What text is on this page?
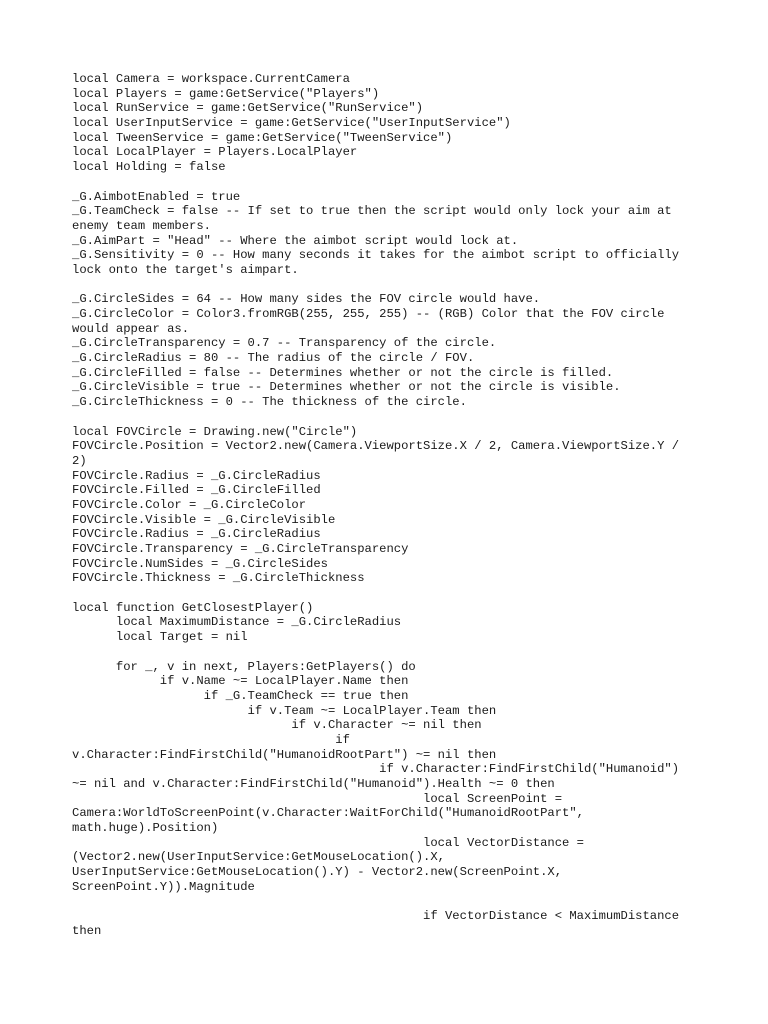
local Camera = workspace.CurrentCamera
local Players = game:GetService("Players")
local RunService = game:GetService("RunService")
local UserInputService = game:GetService("UserInputService")
local TweenService = game:GetService("TweenService")
local LocalPlayer = Players.LocalPlayer
local Holding = false
_G.AimbotEnabled = true
_G.TeamCheck = false -- If set to true then the script would only lock your aim at
enemy team members.
_G.AimPart = "Head" -- Where the aimbot script would lock at.
_G.Sensitivity = 0 -- How many seconds it takes for the aimbot script to officially
lock onto the target's aimpart.
_G.CircleSides = 64 -- How many sides the FOV circle would have.
_G.CircleColor = Color3.fromRGB(255, 255, 255) -- (RGB) Color that the FOV circle
would appear as.
_G.CircleTransparency = 0.7 -- Transparency of the circle.
_G.CircleRadius = 80 -- The radius of the circle / FOV.
_G.CircleFilled = false -- Determines whether or not the circle is filled.
_G.CircleVisible = true -- Determines whether or not the circle is visible.
_G.CircleThickness = 0 -- The thickness of the circle.
local FOVCircle = Drawing.new("Circle")
FOVCircle.Position = Vector2.new(Camera.ViewportSize.X / 2, Camera.ViewportSize.Y /
2)
FOVCircle.Radius = _G.CircleRadius
FOVCircle.Filled = _G.CircleFilled
FOVCircle.Color = _G.CircleColor
FOVCircle.Visible = _G.CircleVisible
FOVCircle.Radius = _G.CircleRadius
FOVCircle.Transparency = _G.CircleTransparency
FOVCircle.NumSides = _G.CircleSides
FOVCircle.Thickness = _G.CircleThickness
local function GetClosestPlayer()
local MaximumDistance = _G.CircleRadius
local Target = nil
for _, v in next, Players:GetPlayers() do
if v.Name ~= LocalPlayer.Name then
if _G.TeamCheck == true then
if v.Team ~= LocalPlayer.Team then
if v.Character ~= nil then
if
v.Character:FindFirstChild("HumanoidRootPart") ~= nil then
if v.Character:FindFirstChild("Humanoid")
~= nil and v.Character:FindFirstChild("Humanoid").Health ~= 0 then
local ScreenPoint =
Camera:WorldToScreenPoint(v.Character:WaitForChild("HumanoidRootPart",
math.huge).Position)
local VectorDistance =
(Vector2.new(UserInputService:GetMouseLocation().X,
UserInputService:GetMouseLocation().Y) - Vector2.new(ScreenPoint.X,
ScreenPoint.Y)).Magnitude
if VectorDistance < MaximumDistance
then
